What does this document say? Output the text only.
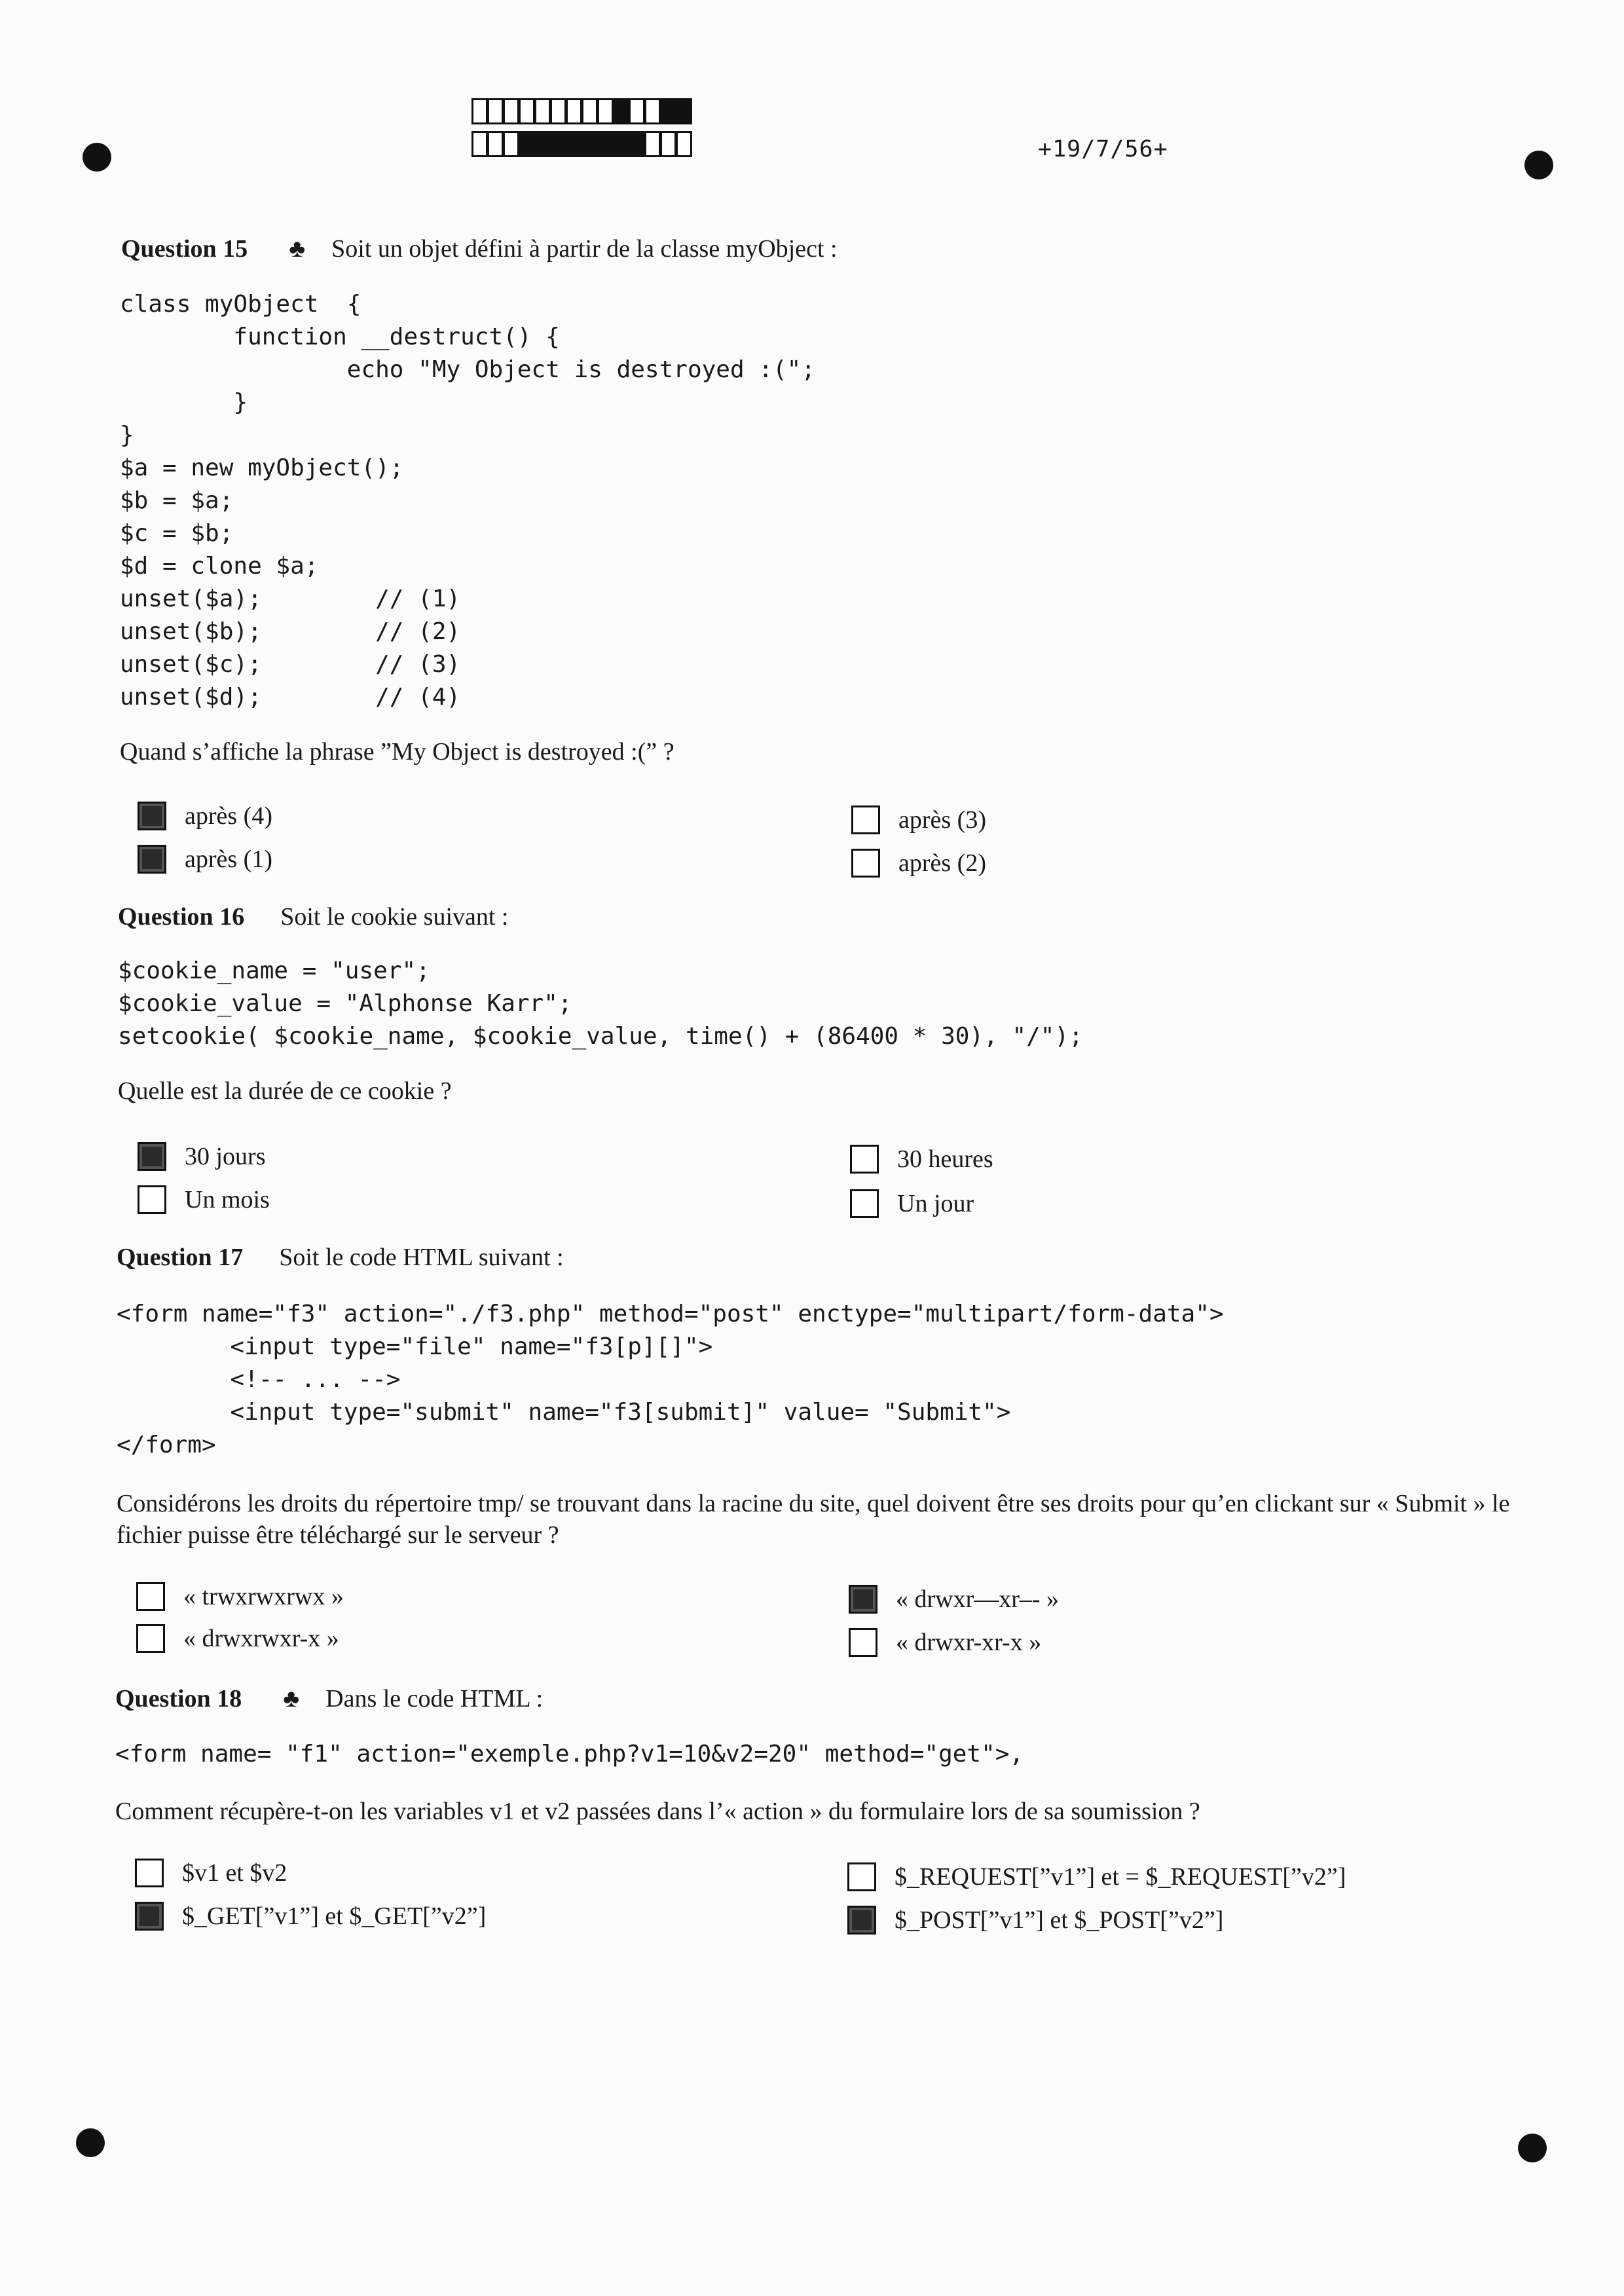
+19/7/56+
Question 15 ♣ Soit un objet défini à partir de la classe myObject :
class myObject  {
function __destruct() {
echo "My Object is destroyed :(";
}
}
$a = new myObject();
$b = $a;
$c = $b;
$d = clone $a;
unset($a);        // (1)
unset($b);        // (2)
unset($c);        // (3)
unset($d);        // (4)
Quand s’affiche la phrase ”My Object is destroyed :(” ?
après (4)
après (1)
après (3)
après (2)
Question 16 Soit le cookie suivant :
$cookie_name = "user";
$cookie_value = "Alphonse Karr";
setcookie( $cookie_name, $cookie_value, time() + (86400 * 30), "/");
Quelle est la durée de ce cookie ?
30 jours
Un mois
30 heures
Un jour
Question 17 Soit le code HTML suivant :
<form name="f3" action="./f3.php" method="post" enctype="multipart/form-data">
<input type="file" name="f3[p][]">
<!-- ... -->
<input type="submit" name="f3[submit]" value= "Submit">
</form>
Considérons les droits du répertoire tmp/ se trouvant dans la racine du site, quel doivent être ses droits pour qu’en clickant sur « Submit » le fichier puisse être téléchargé sur le serveur ?
« trwxrwxrwx »
« drwxrwxr-x »
« drwxr—xr–- »
« drwxr-xr-x »
Question 18 ♣ Dans le code HTML :
<form name= "f1" action="exemple.php?v1=10&v2=20" method="get">,
Comment récupère-t-on les variables v1 et v2 passées dans l’« action » du formulaire lors de sa soumission ?
$v1 et $v2
$_GET[”v1”] et $_GET[”v2”]
$_REQUEST[”v1”] et = $_REQUEST[”v2”]
$_POST[”v1”] et $_POST[”v2”]
